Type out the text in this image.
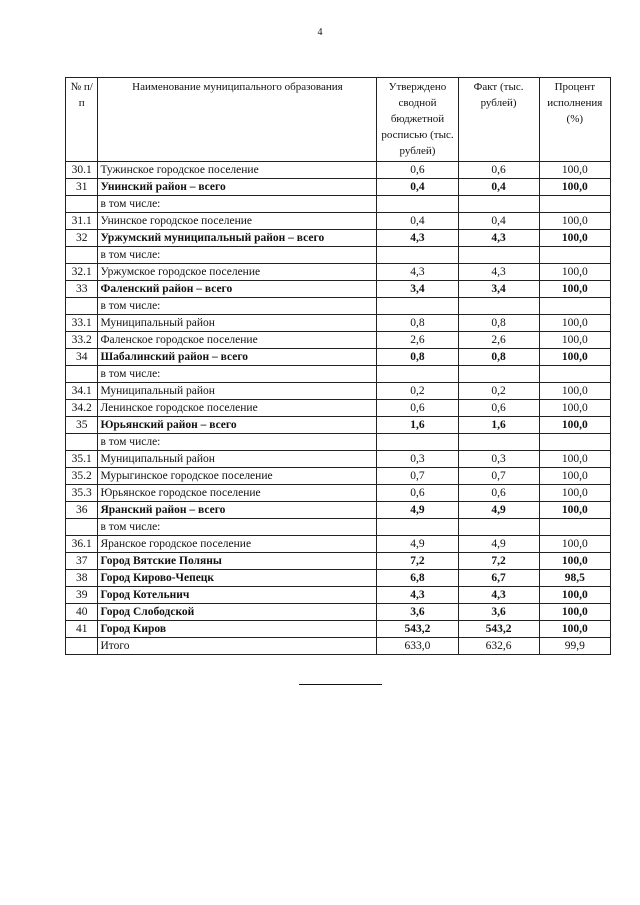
4
№ п/п	Наименование муниципального образования	Утверждено сводной бюджетной росписью (тыс. рублей)	Факт (тыс. рублей)	Процент исполнения (%)
30.1	Тужинское городское поселение	0,6	0,6	100,0
31	Унинский район – всего	0,4	0,4	100,0
	в том числе:			
31.1	Унинское городское поселение	0,4	0,4	100,0
32	Уржумский муниципальный район – всего	4,3	4,3	100,0
	в том числе:			
32.1	Уржумское городское поселение	4,3	4,3	100,0
33	Фаленский район – всего	3,4	3,4	100,0
	в том числе:			
33.1	Муниципальный район	0,8	0,8	100,0
33.2	Фаленское городское поселение	2,6	2,6	100,0
34	Шабалинский район – всего	0,8	0,8	100,0
	в том числе:			
34.1	Муниципальный район	0,2	0,2	100,0
34.2	Ленинское городское поселение	0,6	0,6	100,0
35	Юрьянский район – всего	1,6	1,6	100,0
	в том числе:			
35.1	Муниципальный район	0,3	0,3	100,0
35.2	Мурыгинское городское поселение	0,7	0,7	100,0
35.3	Юрьянское городское поселение	0,6	0,6	100,0
36	Яранский район – всего	4,9	4,9	100,0
	в том числе:			
36.1	Яранское городское поселение	4,9	4,9	100,0
37	Город Вятские Поляны	7,2	7,2	100,0
38	Город Кирово-Чепецк	6,8	6,7	98,5
39	Город Котельнич	4,3	4,3	100,0
40	Город Слободской	3,6	3,6	100,0
41	Город Киров	543,2	543,2	100,0
	Итого	633,0	632,6	99,9
